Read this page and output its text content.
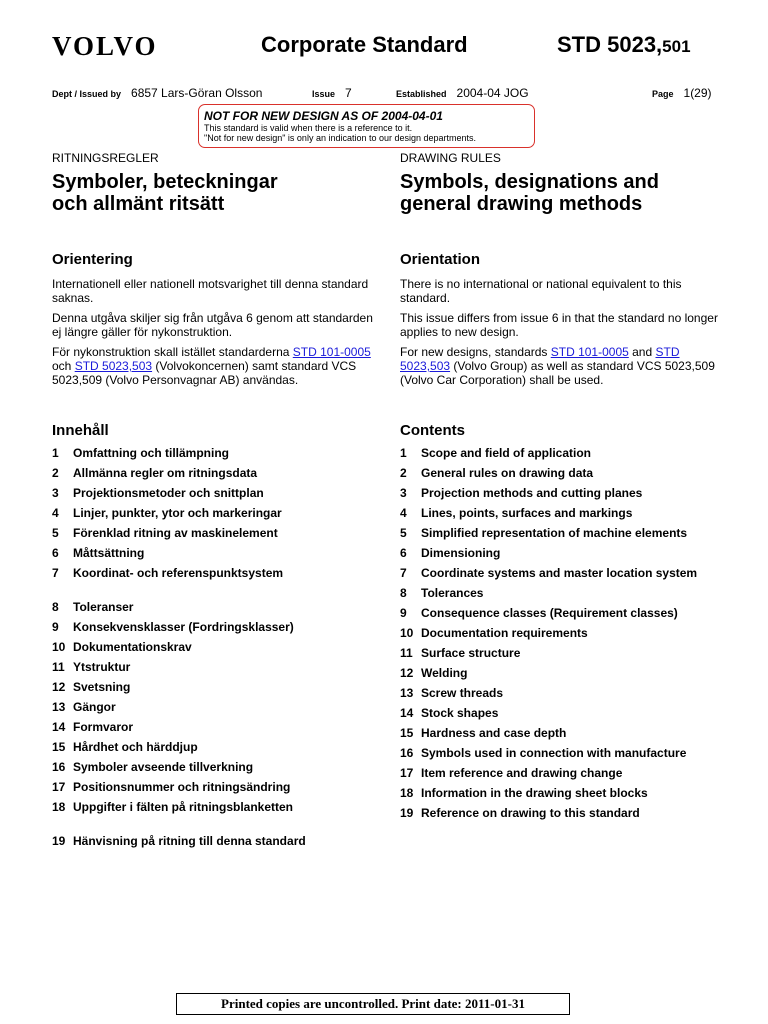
VOLVO	Corporate Standard	STD 5023,501
Dept / Issued by 6857 Lars-Göran Olsson	Issue 7	Established 2004-04 JOG	Page 1(29)
NOT FOR NEW DESIGN AS OF 2004-04-01
This standard is valid when there is a reference to it.
"Not for new design" is only an indication to our design departments.
RITNINGSREGLER
Symboler, beteckningar
och allmänt ritsätt
Orientering

Internationell eller nationell motsvarighet till denna standard saknas.

Denna utgåva skiljer sig från utgåva 6 genom att standarden ej längre gäller för nykonstruktion.

För nykonstruktion skall istället standarderna STD 101-0005 och STD 5023,503 (Volvokoncernen) samt standard VCS 5023,509 (Volvo Personvagnar AB) användas.

Innehåll
1	Omfattning och tillämpning
2	Allmänna regler om ritningsdata
3	Projektionsmetoder och snittplan
4	Linjer, punkter, ytor och markeringar
5	Förenklad ritning av maskinelement
6	Måttsättning
7	Koordinat- och referenspunktsystem
8	Toleranser
9	Konsekvensklasser (Fordringsklasser)
10 Dokumentationskrav
11 Ytstruktur
12 Svetsning
13 Gängor
14 Formvaror
15 Hårdhet och härddjup
16 Symboler avseende tillverkning
17 Positionsnummer och ritningsändring
18 Uppgifter i fälten på ritningsblanketten
19 Hänvisning på ritning till denna standard
DRAWING RULES
Symbols, designations and
general drawing methods
Orientation

There is no international or national equivalent to this standard.

This issue differs from issue 6 in that the standard no longer applies to new design.

For new designs, standards STD 101-0005 and STD 5023,503 (Volvo Group) as well as standard VCS 5023,509 (Volvo Car Corporation) shall be used.

Contents
1	Scope and field of application
2	General rules on drawing data
3	Projection methods and cutting planes
4	Lines, points, surfaces and markings
5	Simplified representation of machine elements
6	Dimensioning
7	Coordinate systems and master location system
8	Tolerances
9	Consequence classes (Requirement classes)
10 Documentation requirements
11 Surface structure
12 Welding
13 Screw threads
14 Stock shapes
15 Hardness and case depth
16 Symbols used in connection with manufacture
17 Item reference and drawing change
18 Information in the drawing sheet blocks
19 Reference on drawing to this standard
Printed copies are uncontrolled. Print date: 2011-01-31
